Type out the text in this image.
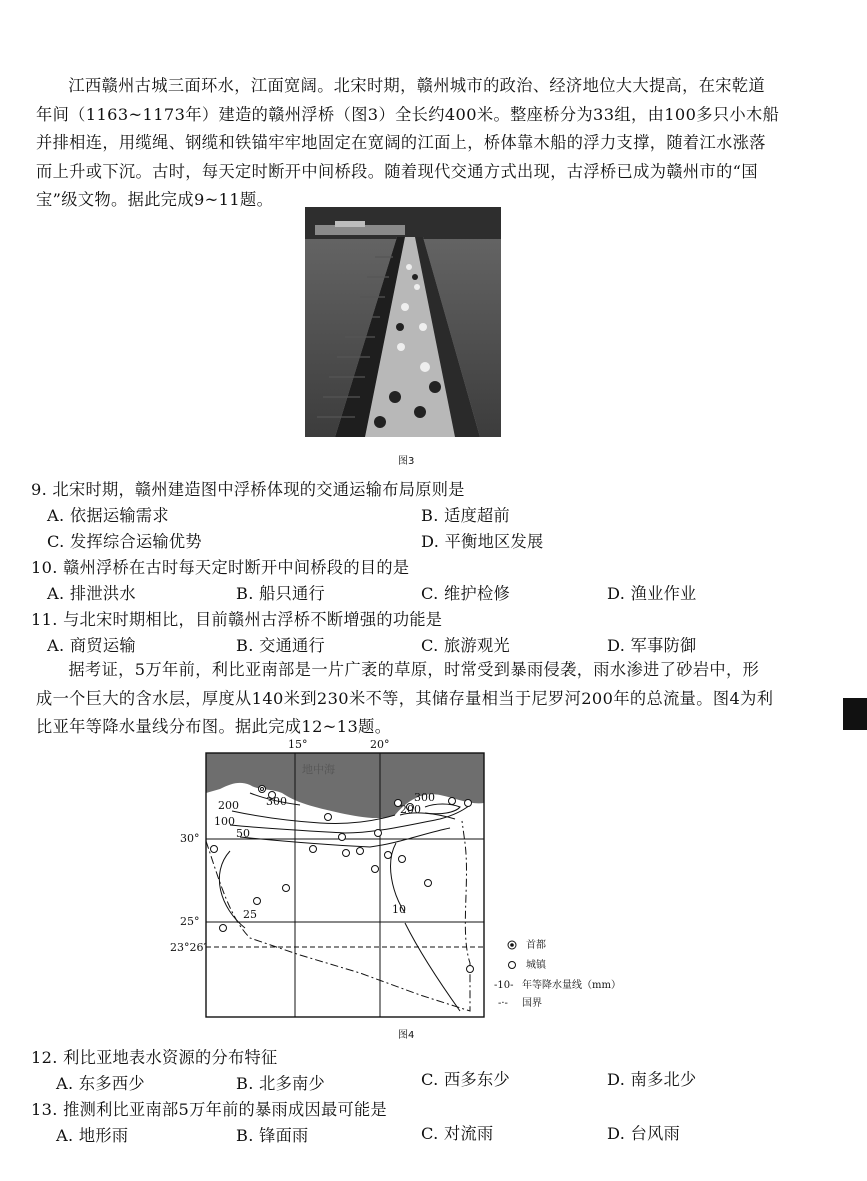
江西赣州古城三面环水，江面宽阔。北宋时期，赣州城市的政治、经济地位大大提高，在宋乾道
年间（1163~1173年）建造的赣州浮桥（图3）全长约400米。整座桥分为33组，由100多只小木船
并排相连，用缆绳、钢缆和铁锚牢牢地固定在宽阔的江面上，桥体靠木船的浮力支撑，随着江水涨落
而上升或下沉。古时，每天定时断开中间桥段。随着现代交通方式出现，古浮桥已成为赣州市的“国
宝”级文物。据此完成9~11题。
图3
9. 北宋时期，赣州建造图中浮桥体现的交通运输布局原则是
A. 依据运输需求	B. 适度超前
C. 发挥综合运输优势	D. 平衡地区发展
10. 赣州浮桥在古时每天定时断开中间桥段的目的是
A. 排泄洪水	B. 船只通行	C. 维护检修	D. 渔业作业
11. 与北宋时期相比，目前赣州古浮桥不断增强的功能是
A. 商贸运输	B. 交通通行	C. 旅游观光	D. 军事防御
据考证，5万年前，利比亚南部是一片广袤的草原，时常受到暴雨侵袭，雨水渗进了砂岩中，形
成一个巨大的含水层，厚度从140米到230米不等，其储存量相当于尼罗河200年的总流量。图4为利
比亚年等降水量线分布图。据此完成12~13题。
15°	20°
30°
25°
23°26′
地中海
300
200
100
50
300
200
25	10
首都
城镇
-10- 年等降水量线（mm）
-·- 国界
图4
12. 利比亚地表水资源的分布特征
A. 东多西少	B. 北多南少	C. 西多东少	D. 南多北少
13. 推测利比亚南部5万年前的暴雨成因最可能是
A. 地形雨	B. 锋面雨	C. 对流雨	D. 台风雨
